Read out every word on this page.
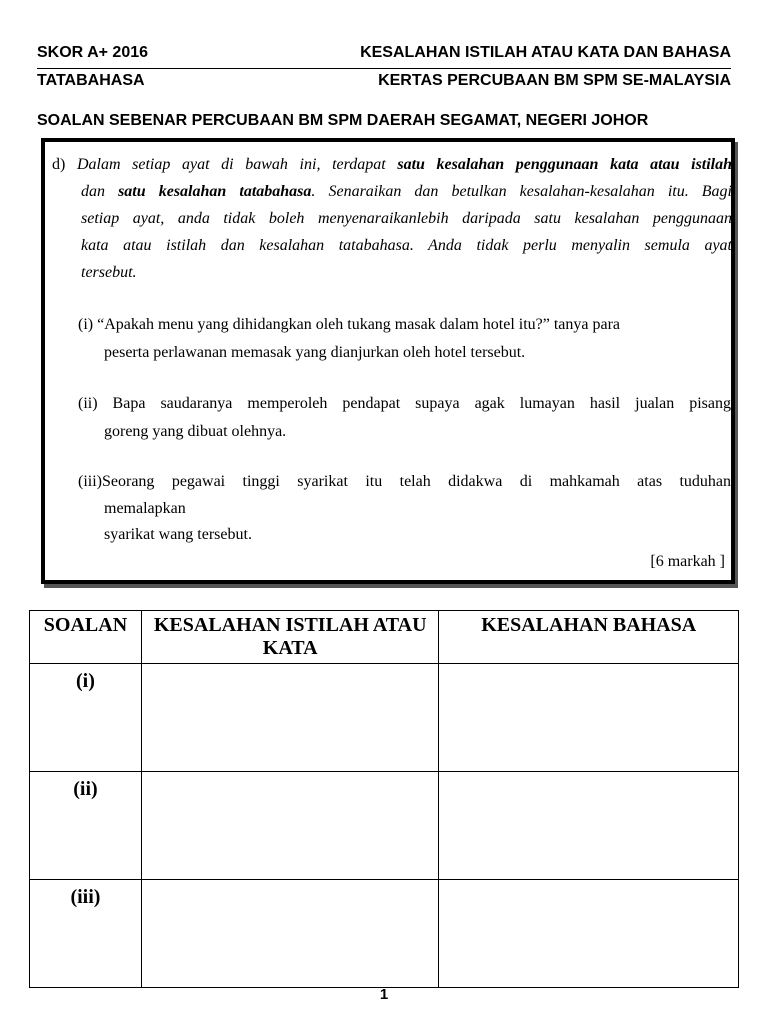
SKOR A+ 2016	KESALAHAN ISTILAH ATAU KATA DAN BAHASA
TATABAHASA	KERTAS PERCUBAAN BM SPM SE-MALAYSIA
SOALAN SEBENAR PERCUBAAN BM SPM DAERAH SEGAMAT, NEGERI JOHOR
d) Dalam setiap ayat di bawah ini, terdapat satu kesalahan penggunaan kata atau istilah
dan satu kesalahan tatabahasa. Senaraikan dan betulkan kesalahan-kesalahan itu. Bagi
setiap ayat, anda tidak boleh menyenaraikanlebih daripada satu kesalahan penggunaan
kata atau istilah dan kesalahan tatabahasa. Anda tidak perlu menyalin semula ayat
tersebut.
(i) “Apakah menu yang dihidangkan oleh tukang masak dalam hotel itu?” tanya para
peserta perlawanan memasak yang dianjurkan oleh hotel tersebut.
(ii) Bapa saudaranya memperoleh pendapat supaya agak lumayan hasil jualan pisang
goreng yang dibuat olehnya.
(iii)Seorang pegawai tinggi syarikat itu telah didakwa di mahkamah atas tuduhan
memalapkan
syarikat wang tersebut.
[6 markah ]
SOALAN	KESALAHAN ISTILAH ATAU KATA	KESALAHAN BAHASA
(i)		
(ii)		
(iii)		
1
